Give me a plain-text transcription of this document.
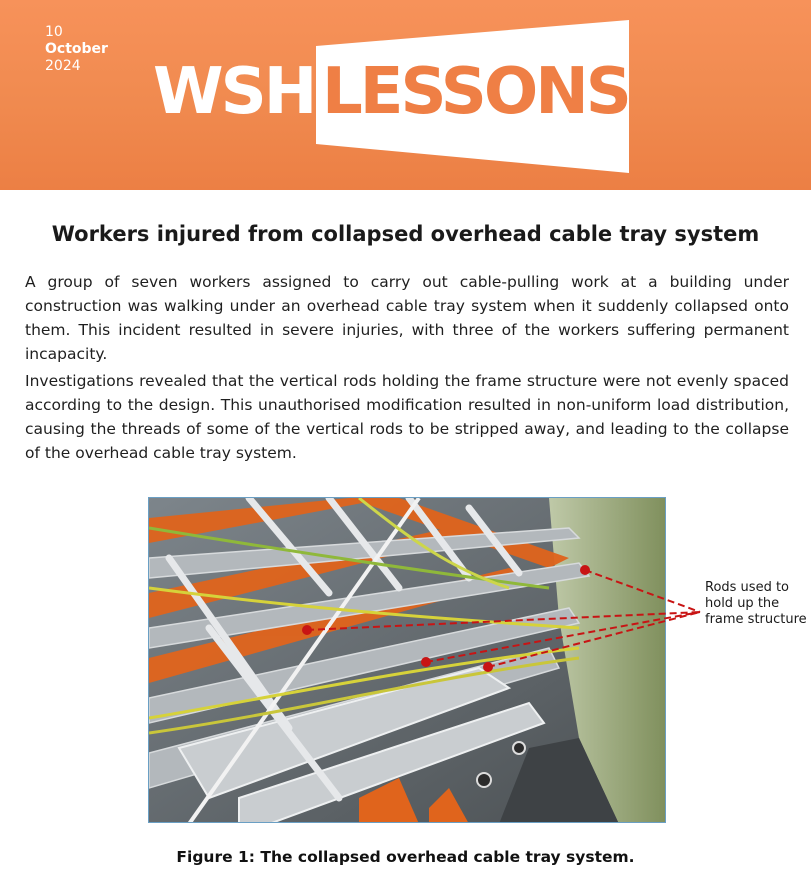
10
October
2024	WSH LESSONS
Workers injured from collapsed overhead cable tray system

A group of seven workers assigned to carry out cable-pulling work at a building under construction was walking under an overhead cable tray system when it suddenly collapsed onto them. This incident resulted in severe injuries, with three of the workers suffering permanent incapacity.

Investigations revealed that the vertical rods holding the frame structure were not evenly spaced according to the design. This unauthorised modification resulted in non-uniform load distribution, causing the threads of some of the vertical rods to be stripped away, and leading to the collapse of the overhead cable tray system.

Rods used to hold up the frame structure
Figure 1: The collapsed overhead cable tray system.
